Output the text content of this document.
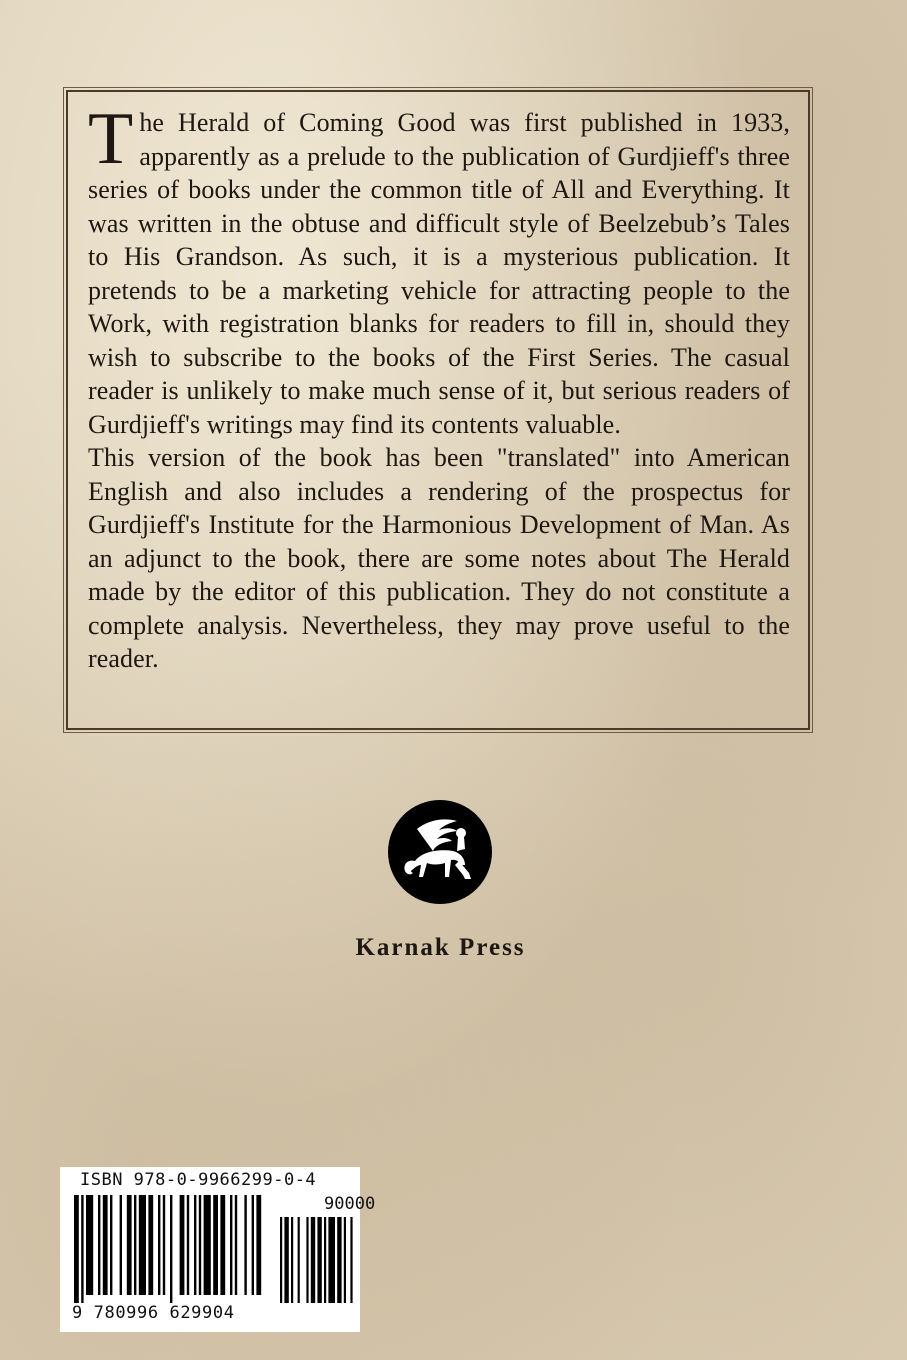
The Herald of Coming Good was first published in 1933, apparently as a prelude to the publication of Gurdjieff's three series of books under the common title of All and Everything. It was written in the obtuse and difficult style of Beelzebub’s Tales to His Grandson. As such, it is a mysterious publication. It pretends to be a marketing vehicle for attracting people to the Work, with registration blanks for readers to fill in, should they wish to subscribe to the books of the First Series. The casual reader is unlikely to make much sense of it, but serious readers of Gurdjieff's writings may find its contents valuable.

This version of the book has been "translated" into American English and also includes a rendering of the prospectus for Gurdjieff's Institute for the Harmonious Development of Man. As an adjunct to the book, there are some notes about The Herald made by the editor of this publication. They do not constitute a complete analysis. Nevertheless, they may prove useful to the reader.

Karnak Press
ISBN 978-0-9966299-0-4
90000
9 780996 629904
